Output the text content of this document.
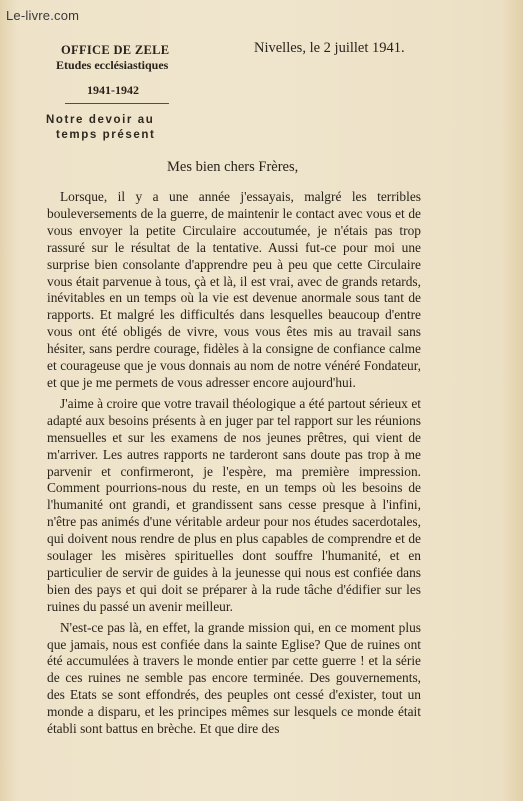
Le-livre.com
OFFICE DE ZELE
Etudes ecclésiastiques
1941-1942
Nivelles, le 2 juillet 1941.
Notre devoir au
temps présent
Mes bien chers Frères,

Lorsque, il y a une année j'essayais, malgré les terribles bouleversements de la guerre, de maintenir le contact avec vous et de vous envoyer la petite Circulaire accoutumée, je n'étais pas trop rassuré sur le résultat de la tentative. Aussi fut-ce pour moi une surprise bien consolante d'apprendre peu à peu que cette Circulaire vous était parvenue à tous, çà et là, il est vrai, avec de grands retards, inévitables en un temps où la vie est devenue anormale sous tant de rapports. Et malgré les difficultés dans lesquelles beaucoup d'entre vous ont été obligés de vivre, vous vous êtes mis au travail sans hésiter, sans perdre courage, fidèles à la consigne de confiance calme et courageuse que je vous donnais au nom de notre vénéré Fondateur, et que je me permets de vous adresser encore aujourd'hui.

J'aime à croire que votre travail théologique a été partout sérieux et adapté aux besoins présents à en juger par tel rapport sur les réunions mensuelles et sur les examens de nos jeunes prêtres, qui vient de m'arriver. Les autres rapports ne tarderont sans doute pas trop à me parvenir et confirmeront, je l'espère, ma première impression. Comment pourrions-nous du reste, en un temps où les besoins de l'humanité ont grandi, et grandissent sans cesse presque à l'infini, n'être pas animés d'une véritable ardeur pour nos études sacerdotales, qui doivent nous rendre de plus en plus capables de comprendre et de soulager les misères spirituelles dont souffre l'humanité, et en particulier de servir de guides à la jeunesse qui nous est confiée dans bien des pays et qui doit se préparer à la rude tâche d'édifier sur les ruines du passé un avenir meilleur.

N'est-ce pas là, en effet, la grande mission qui, en ce moment plus que jamais, nous est confiée dans la sainte Eglise? Que de ruines ont été accumulées à travers le monde entier par cette guerre ! et la série de ces ruines ne semble pas encore terminée. Des gouvernements, des Etats se sont effondrés, des peuples ont cessé d'exister, tout un monde a disparu, et les principes mêmes sur lesquels ce monde était établi sont battus en brèche. Et que dire des
